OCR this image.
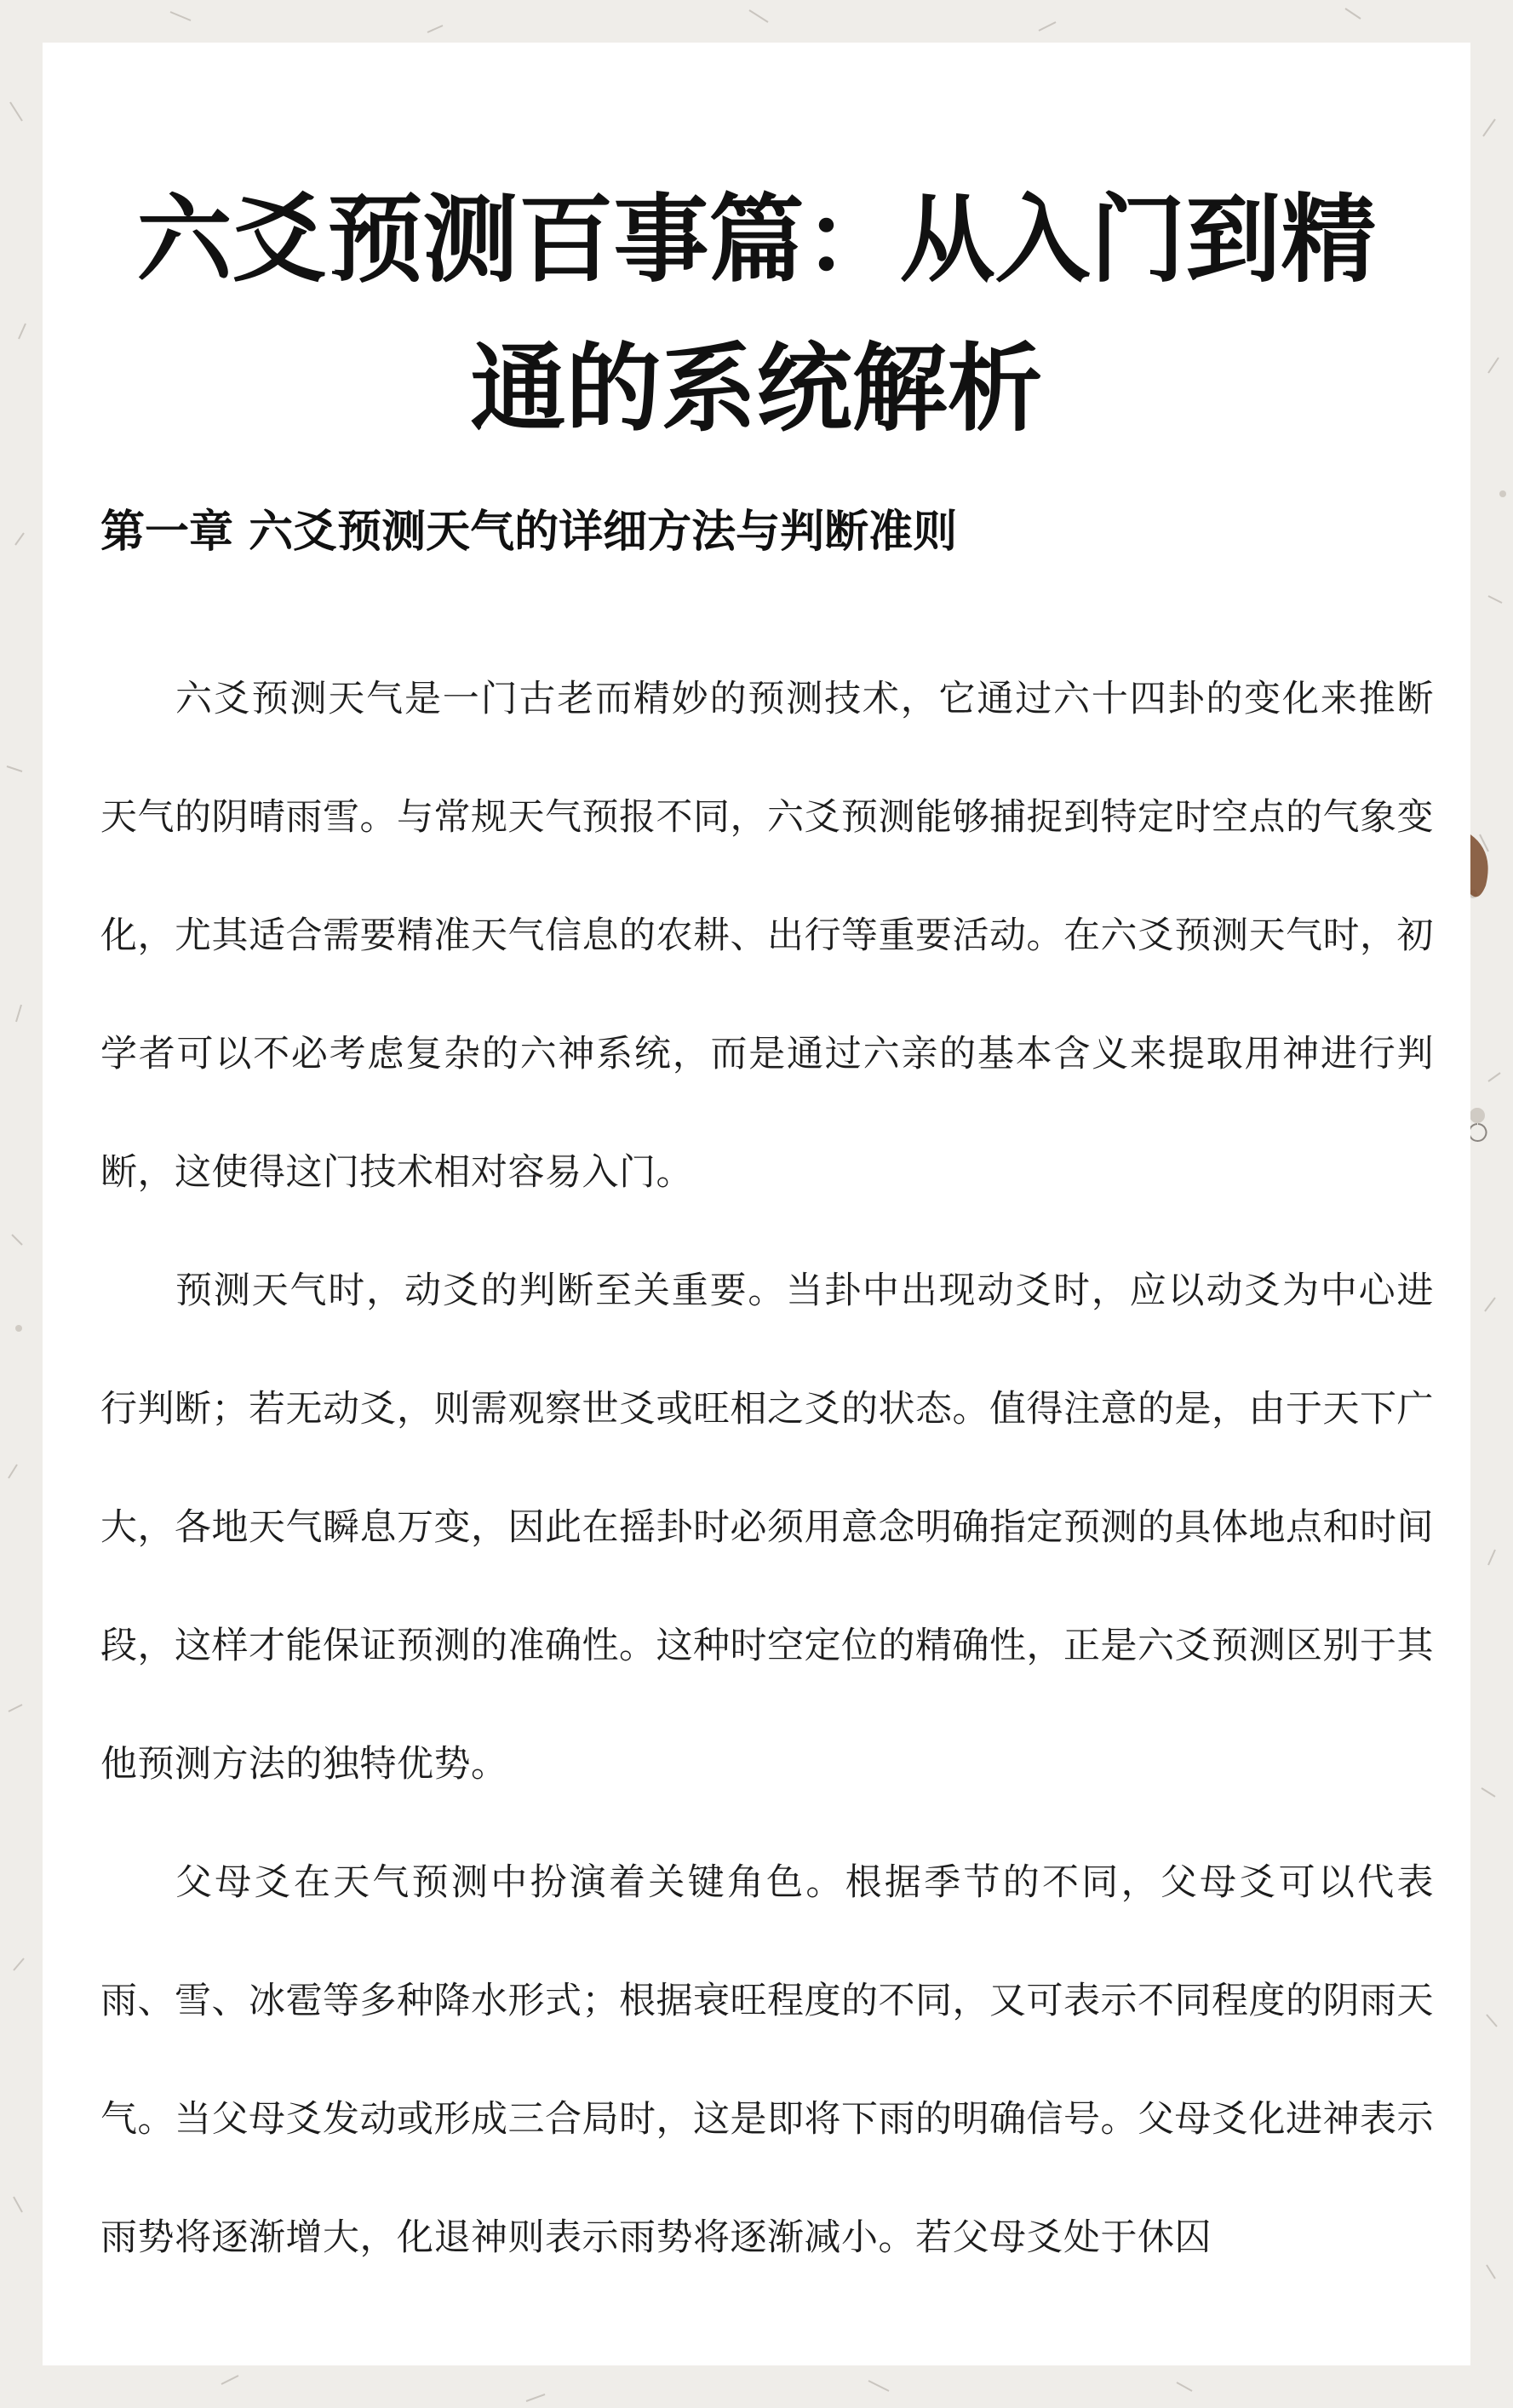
六爻预测百事篇：从入门到精
通的系统解析
第一章 六爻预测天气的详细方法与判断准则

六爻预测天气是一门古老而精妙的预测技术，它通过六十四卦的变化来推断天气的阴晴雨雪。与常规天气预报不同，六爻预测能够捕捉到特定时空点的气象变化，尤其适合需要精准天气信息的农耕、出行等重要活动。在六爻预测天气时，初学者可以不必考虑复杂的六神系统，而是通过六亲的基本含义来提取用神进行判断，这使得这门技术相对容易入门。

预测天气时，动爻的判断至关重要。当卦中出现动爻时，应以动爻为中心进行判断；若无动爻，则需观察世爻或旺相之爻的状态。值得注意的是，由于天下广大，各地天气瞬息万变，因此在摇卦时必须用意念明确指定预测的具体地点和时间段，这样才能保证预测的准确性。这种时空定位的精确性，正是六爻预测区别于其他预测方法的独特优势。

父母爻在天气预测中扮演着关键角色。根据季节的不同，父母爻可以代表雨、雪、冰雹等多种降水形式；根据衰旺程度的不同，又可表示不同程度的阴雨天气。当父母爻发动或形成三合局时，这是即将下雨的明确信号。父母爻化进神表示雨势将逐渐增大，化退神则表示雨势将逐渐减小。若父母爻处于休囚
